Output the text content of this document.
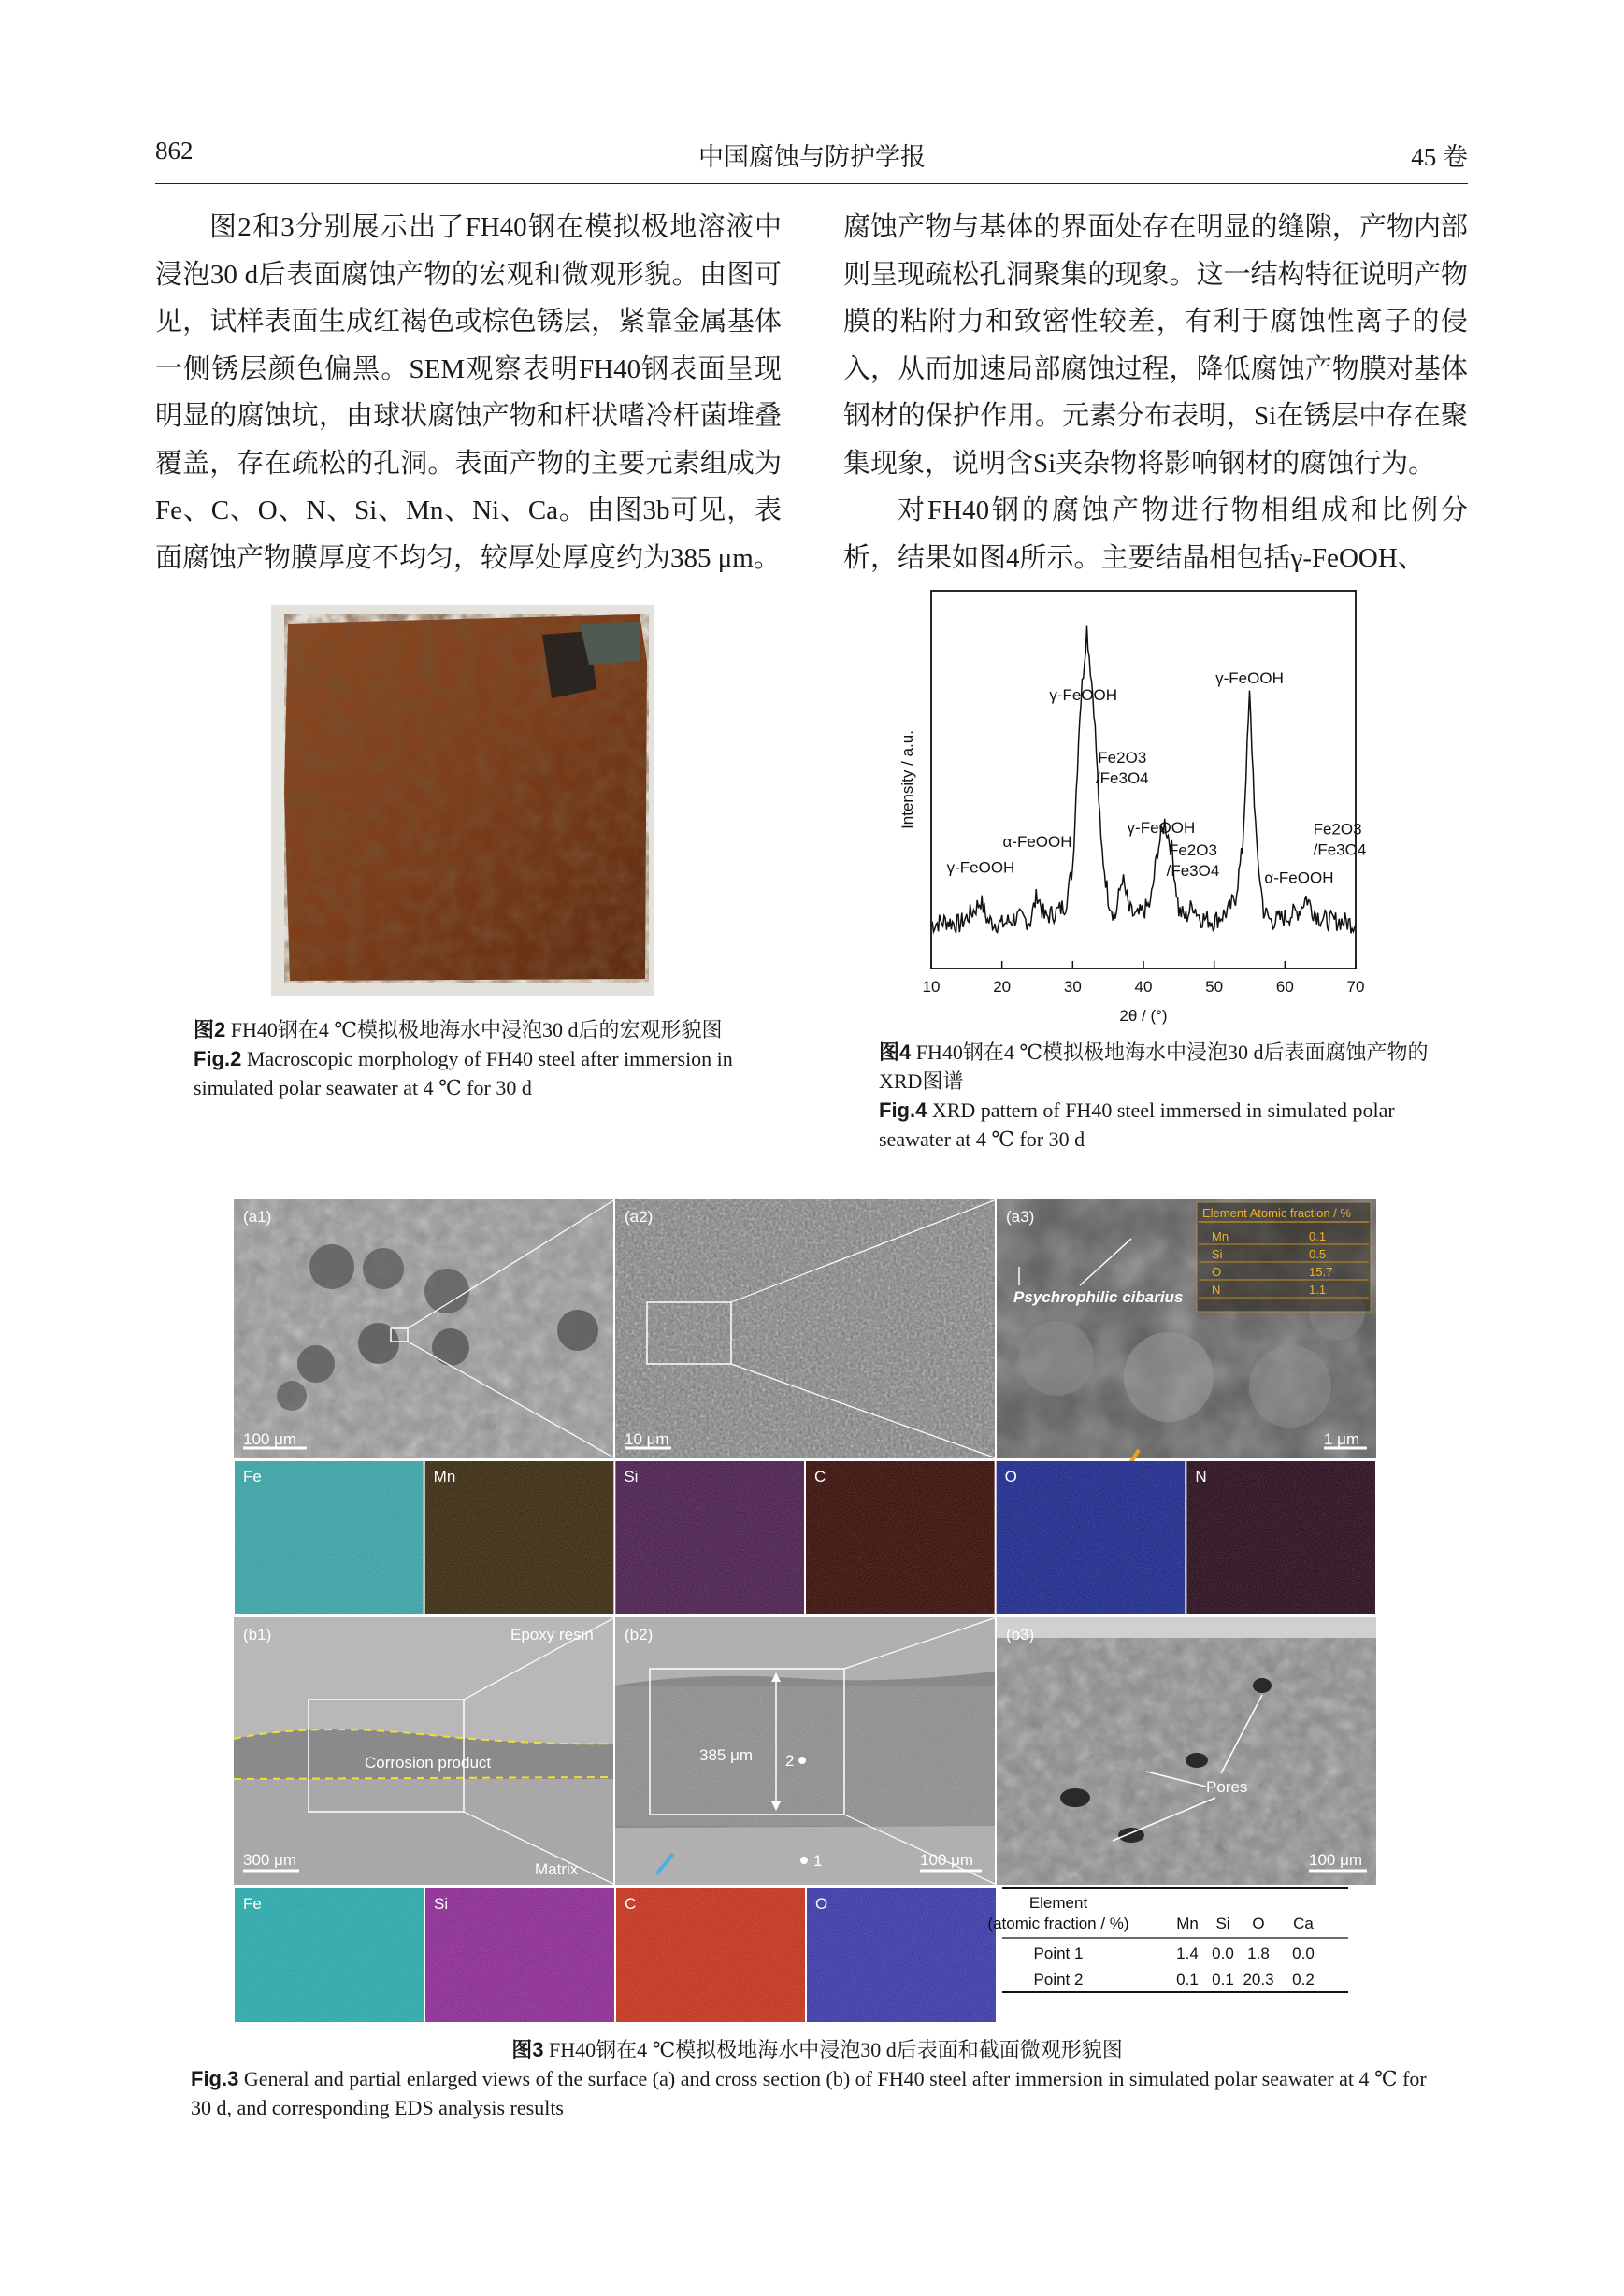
862	中国腐蚀与防护学报	45 卷

图2和3分别展示出了FH40钢在模拟极地溶液中浸泡30 d后表面腐蚀产物的宏观和微观形貌。由图可见，试样表面生成红褐色或棕色锈层，紧靠金属基体一侧锈层颜色偏黑。SEM观察表明FH40钢表面呈现明显的腐蚀坑，由球状腐蚀产物和杆状嗜冷杆菌堆叠覆盖，存在疏松的孔洞。表面产物的主要元素组成为Fe、C、O、N、Si、Mn、Ni、Ca。由图3b可见，表面腐蚀产物膜厚度不均匀，较厚处厚度约为385 μm。

腐蚀产物与基体的界面处存在明显的缝隙，产物内部则呈现疏松孔洞聚集的现象。这一结构特征说明产物膜的粘附力和致密性较差，有利于腐蚀性离子的侵入，从而加速局部腐蚀过程，降低腐蚀产物膜对基体钢材的保护作用。元素分布表明，Si在锈层中存在聚集现象，说明含Si夹杂物将影响钢材的腐蚀行为。

对FH40钢的腐蚀产物进行物相组成和比例分析，结果如图4所示。主要结晶相包括γ-FeOOH、

图2 FH40钢在4 ℃模拟极地海水中浸泡30 d后的宏观形貌图
Fig.2 Macroscopic morphology of FH40 steel after immersion in simulated polar seawater at 4 ℃ for 30 d
10	20	30	40	50	60	70
γ-FeOOH
α-FeOOH
γ-FeOOH
Fe2O3 /Fe3O4
γ-FeOOH
Fe2O3 /Fe3O4
γ-FeOOH
α-FeOOH
Fe2O3 /Fe3O4
Intensity / a.u.
2θ / (°)
图4 FH40钢在4 ℃模拟极地海水中浸泡30 d后表面腐蚀产物的XRD图谱
Fig.4 XRD pattern of FH40 steel immersed in simulated polar seawater at 4 ℃ for 30 d
(a1)
100 μm
(a2)
10 μm
Element Atomic fraction / %
Mn	0.1
Si	0.5
O	15.7
N	1.1
Psychrophilic cibarius
(a3)
1 μm
Fe	Mn	Si	C	O	N
(b1)	Epoxy resin
Corrosion product
Matrix
300 μm
385 μm 2
1
(b2)
100 μm
Pores
(b3)
100 μm
Fe	Si	C	O	Element
(atomic fraction / %)	Mn Si O Ca
Point 1	1.4 0.0 1.8 0.0
Point 2	0.1 0.1 20.3 0.2
图3 FH40钢在4 ℃模拟极地海水中浸泡30 d后表面和截面微观形貌图
Fig.3 General and partial enlarged views of the surface (a) and cross section (b) of FH40 steel after immersion in simulated polar seawater at 4 ℃ for 30 d, and corresponding EDS analysis results
